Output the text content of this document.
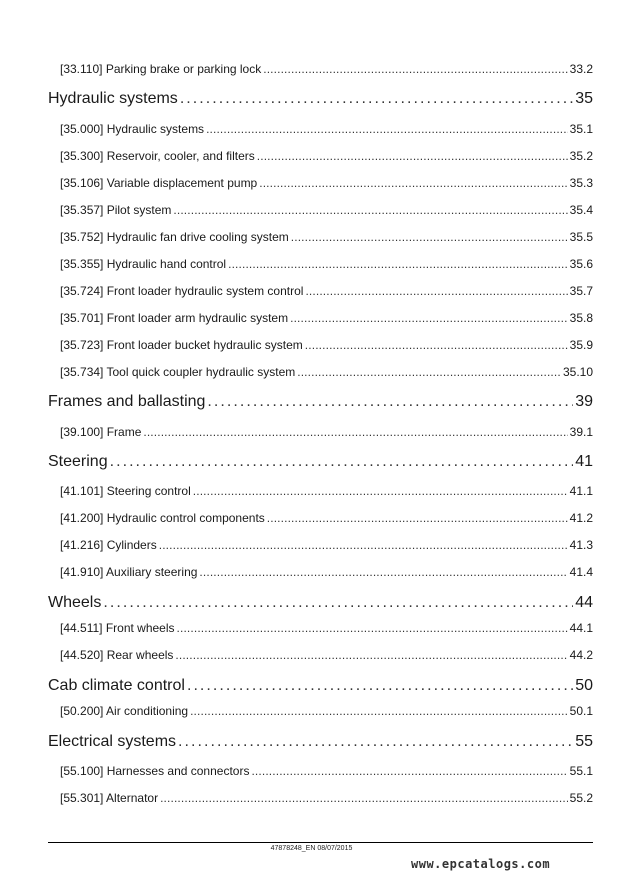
[33.110] Parking brake or parking lock . . .	33.2
Hydraulic systems . . .	35
[35.000] Hydraulic systems . . .	35.1
[35.300] Reservoir, cooler, and filters . . .	35.2
[35.106] Variable displacement pump . . .	35.3
[35.357] Pilot system . . .	35.4
[35.752] Hydraulic fan drive cooling system . . .	35.5
[35.355] Hydraulic hand control . . .	35.6
[35.724] Front loader hydraulic system control . . .	35.7
[35.701] Front loader arm hydraulic system . . .	35.8
[35.723] Front loader bucket hydraulic system . . .	35.9
[35.734] Tool quick coupler hydraulic system . . .	35.10
Frames and ballasting . . .	39
[39.100] Frame . . .	39.1
Steering . . .	41
[41.101] Steering control . . .	41.1
[41.200] Hydraulic control components . . .	41.2
[41.216] Cylinders . . .	41.3
[41.910] Auxiliary steering . . .	41.4
Wheels . . .	44
[44.511] Front wheels . . .	44.1
[44.520] Rear wheels . . .	44.2
Cab climate control . . .	50
[50.200] Air conditioning . . .	50.1
Electrical systems . . .	55
[55.100] Harnesses and connectors . . .	55.1
[55.301] Alternator . . .	55.2
47878248_EN 08/07/2015
www.epcatalogs.com
